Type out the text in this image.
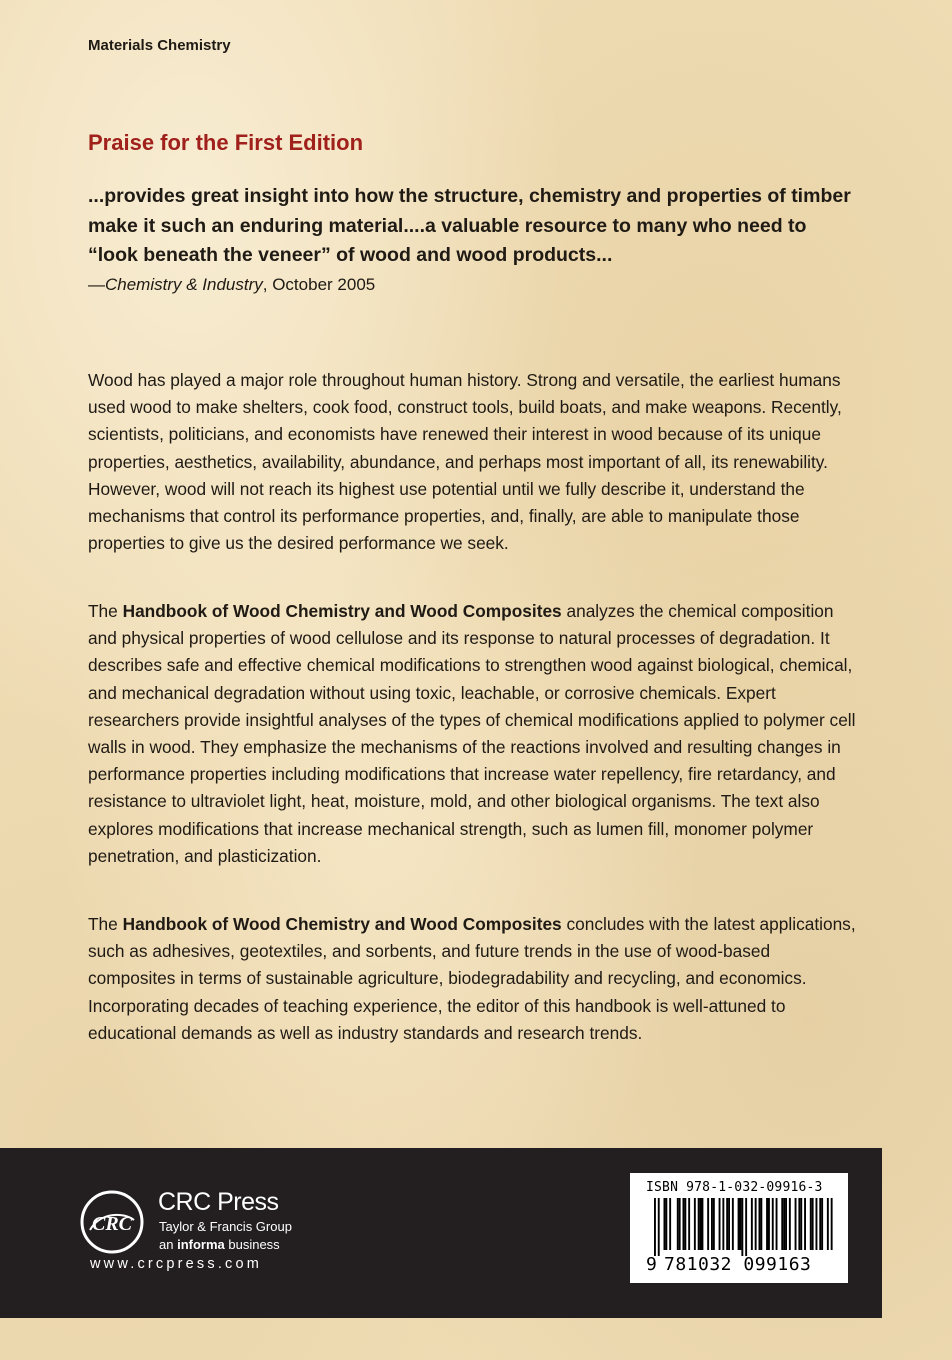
Materials Chemistry
Praise for the First Edition
...provides great insight into how the structure, chemistry and properties of timber make it such an enduring material....a valuable resource to many who need to “look beneath the veneer” of wood and wood products...
—Chemistry & Industry, October 2005
Wood has played a major role throughout human history. Strong and versatile, the earliest humans used wood to make shelters, cook food, construct tools, build boats, and make weapons. Recently, scientists, politicians, and economists have renewed their interest in wood because of its unique properties, aesthetics, availability, abundance, and perhaps most important of all, its renewability. However, wood will not reach its highest use potential until we fully describe it, understand the mechanisms that control its performance properties, and, finally, are able to manipulate those properties to give us the desired performance we seek.
The Handbook of Wood Chemistry and Wood Composites analyzes the chemical composition and physical properties of wood cellulose and its response to natural processes of degradation. It describes safe and effective chemical modifications to strengthen wood against biological, chemical, and mechanical degradation without using toxic, leachable, or corrosive chemicals. Expert researchers provide insightful analyses of the types of chemical modifications applied to polymer cell walls in wood. They emphasize the mechanisms of the reactions involved and resulting changes in performance properties including modifications that increase water repellency, fire retardancy, and resistance to ultraviolet light, heat, moisture, mold, and other biological organisms. The text also explores modifications that increase mechanical strength, such as lumen fill, monomer polymer penetration, and plasticization.
The Handbook of Wood Chemistry and Wood Composites concludes with the latest applications, such as adhesives, geotextiles, and sorbents, and future trends in the use of wood-based composites in terms of sustainable agriculture, biodegradability and recycling, and economics. Incorporating decades of teaching experience, the editor of this handbook is well-attuned to educational demands as well as industry standards and research trends.
CRC
CRC Press
Taylor & Francis Group
an informa business
www.crcpress.com
ISBN 978-1-032-09916-3
9 781032 099163
